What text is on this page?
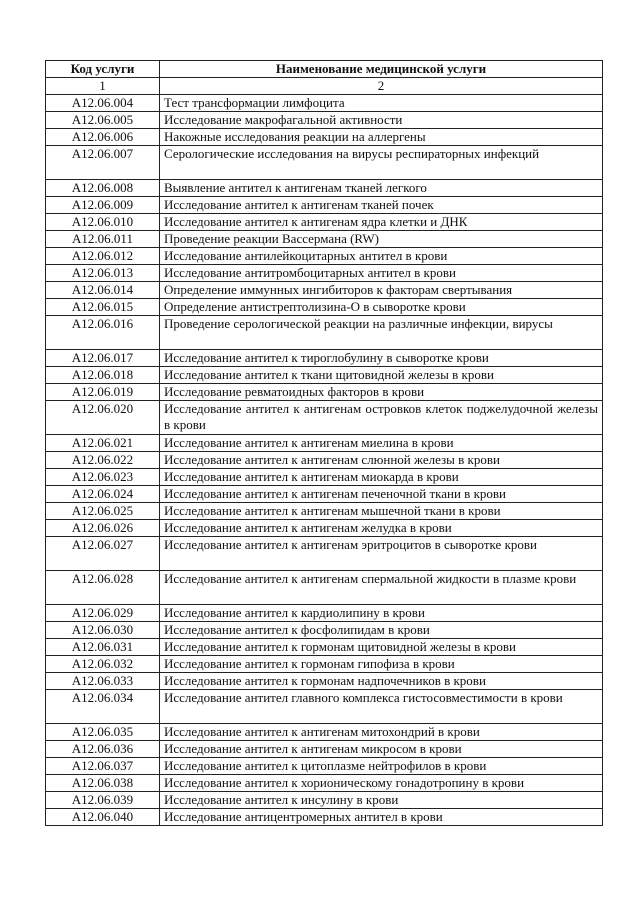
Код услуги	Наименование медицинской услуги
1	2
A12.06.004	Тест трансформации лимфоцита
A12.06.005	Исследование макрофагальной активности
A12.06.006	Накожные исследования реакции на аллергены
A12.06.007	Серологические исследования на вирусы респираторных инфекций
A12.06.008	Выявление антител к антигенам тканей легкого
A12.06.009	Исследование антител к антигенам тканей почек
A12.06.010	Исследование антител к антигенам ядра клетки и ДНК
A12.06.011	Проведение реакции Вассермана (RW)
A12.06.012	Исследование антилейкоцитарных антител в крови
A12.06.013	Исследование антитромбоцитарных антител в крови
A12.06.014	Определение иммунных ингибиторов к факторам свертывания
A12.06.015	Определение антистрептолизина-О в сыворотке крови
A12.06.016	Проведение серологической реакции на различные инфекции, вирусы
A12.06.017	Исследование антител к тироглобулину в сыворотке крови
A12.06.018	Исследование антител к ткани щитовидной железы в крови
A12.06.019	Исследование ревматоидных факторов в крови
A12.06.020	Исследование антител к антигенам островков клеток поджелудочной железы в крови
A12.06.021	Исследование антител к антигенам миелина в крови
A12.06.022	Исследование антител к антигенам слюнной железы в крови
A12.06.023	Исследование антител к антигенам миокарда в крови
A12.06.024	Исследование антител к антигенам печеночной ткани в крови
A12.06.025	Исследование антител к антигенам мышечной ткани в крови
A12.06.026	Исследование антител к антигенам желудка в крови
A12.06.027	Исследование антител к антигенам эритроцитов в сыворотке крови
A12.06.028	Исследование антител к антигенам спермальной жидкости в плазме крови
A12.06.029	Исследование антител к кардиолипину в крови
A12.06.030	Исследование антител к фосфолипидам в крови
A12.06.031	Исследование антител к гормонам щитовидной железы в крови
A12.06.032	Исследование антител к гормонам гипофиза в крови
A12.06.033	Исследование антител к гормонам надпочечников в крови
A12.06.034	Исследование антител главного комплекса гистосовместимости в крови
A12.06.035	Исследование антител к антигенам митохондрий в крови
A12.06.036	Исследование антител к антигенам микросом в крови
A12.06.037	Исследование антител к цитоплазме нейтрофилов в крови
A12.06.038	Исследование антител к хорионическому гонадотропину в крови
A12.06.039	Исследование антител к инсулину в крови
A12.06.040	Исследование антицентромерных антител в крови
